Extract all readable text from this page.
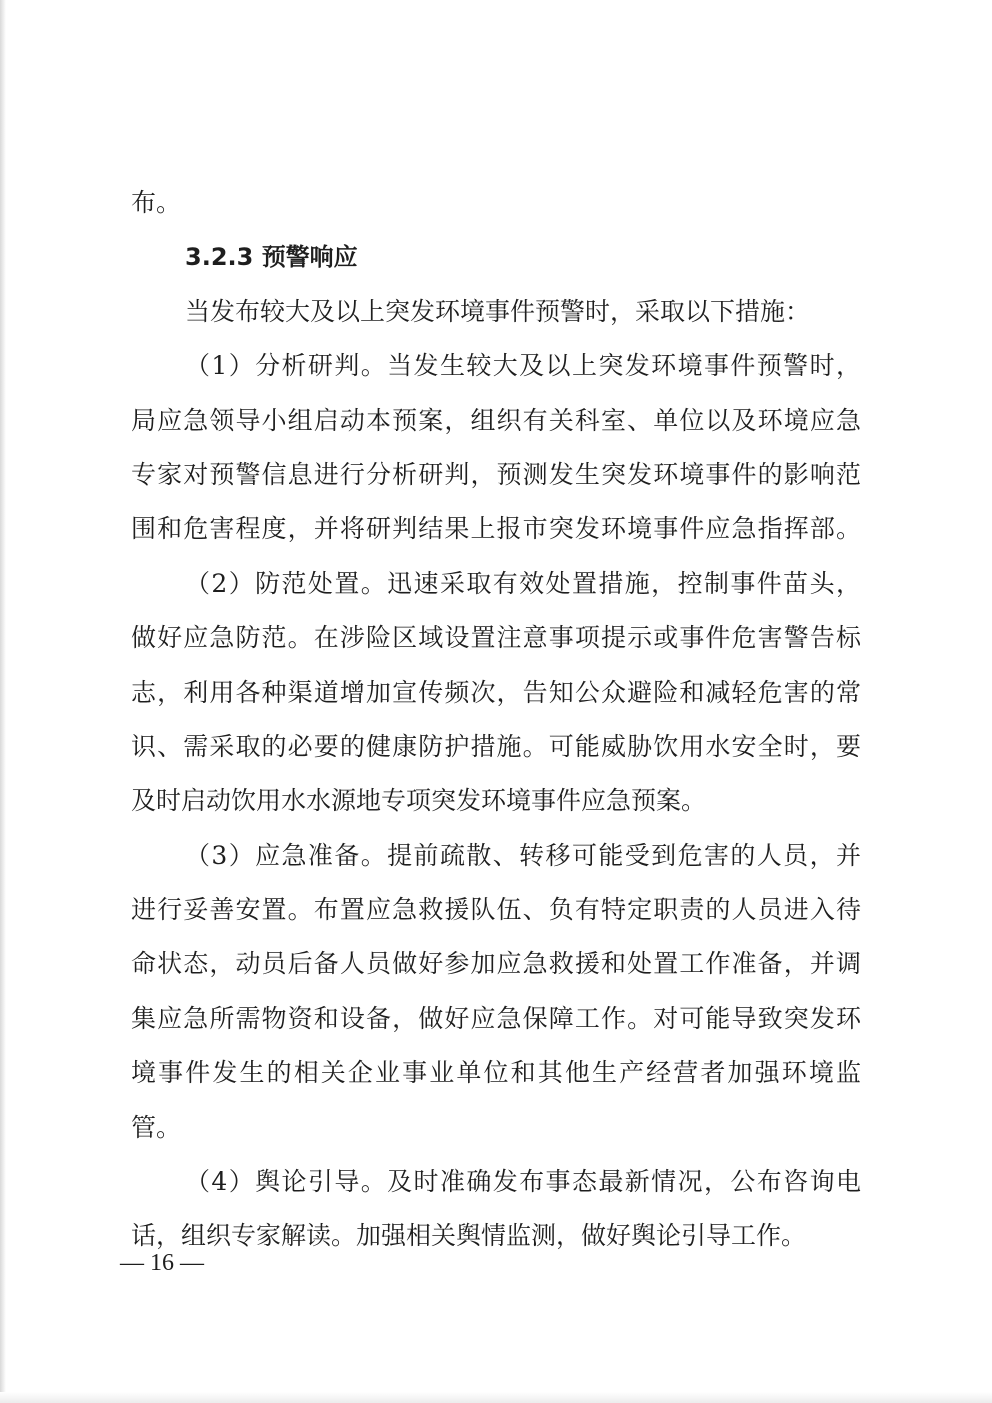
布。
3.2.3 预警响应
当发布较大及以上突发环境事件预警时，采取以下措施：
（1）分析研判。当发生较大及以上突发环境事件预警时，
局应急领导小组启动本预案，组织有关科室、单位以及环境应急
专家对预警信息进行分析研判，预测发生突发环境事件的影响范
围和危害程度，并将研判结果上报市突发环境事件应急指挥部。
（2）防范处置。迅速采取有效处置措施，控制事件苗头，
做好应急防范。在涉险区域设置注意事项提示或事件危害警告标
志，利用各种渠道增加宣传频次，告知公众避险和减轻危害的常
识、需采取的必要的健康防护措施。可能威胁饮用水安全时，要
及时启动饮用水水源地专项突发环境事件应急预案。
（3）应急准备。提前疏散、转移可能受到危害的人员，并
进行妥善安置。布置应急救援队伍、负有特定职责的人员进入待
命状态，动员后备人员做好参加应急救援和处置工作准备，并调
集应急所需物资和设备，做好应急保障工作。对可能导致突发环
境事件发生的相关企业事业单位和其他生产经营者加强环境监
管。
（4）舆论引导。及时准确发布事态最新情况，公布咨询电
话，组织专家解读。加强相关舆情监测，做好舆论引导工作。
— 16 —
